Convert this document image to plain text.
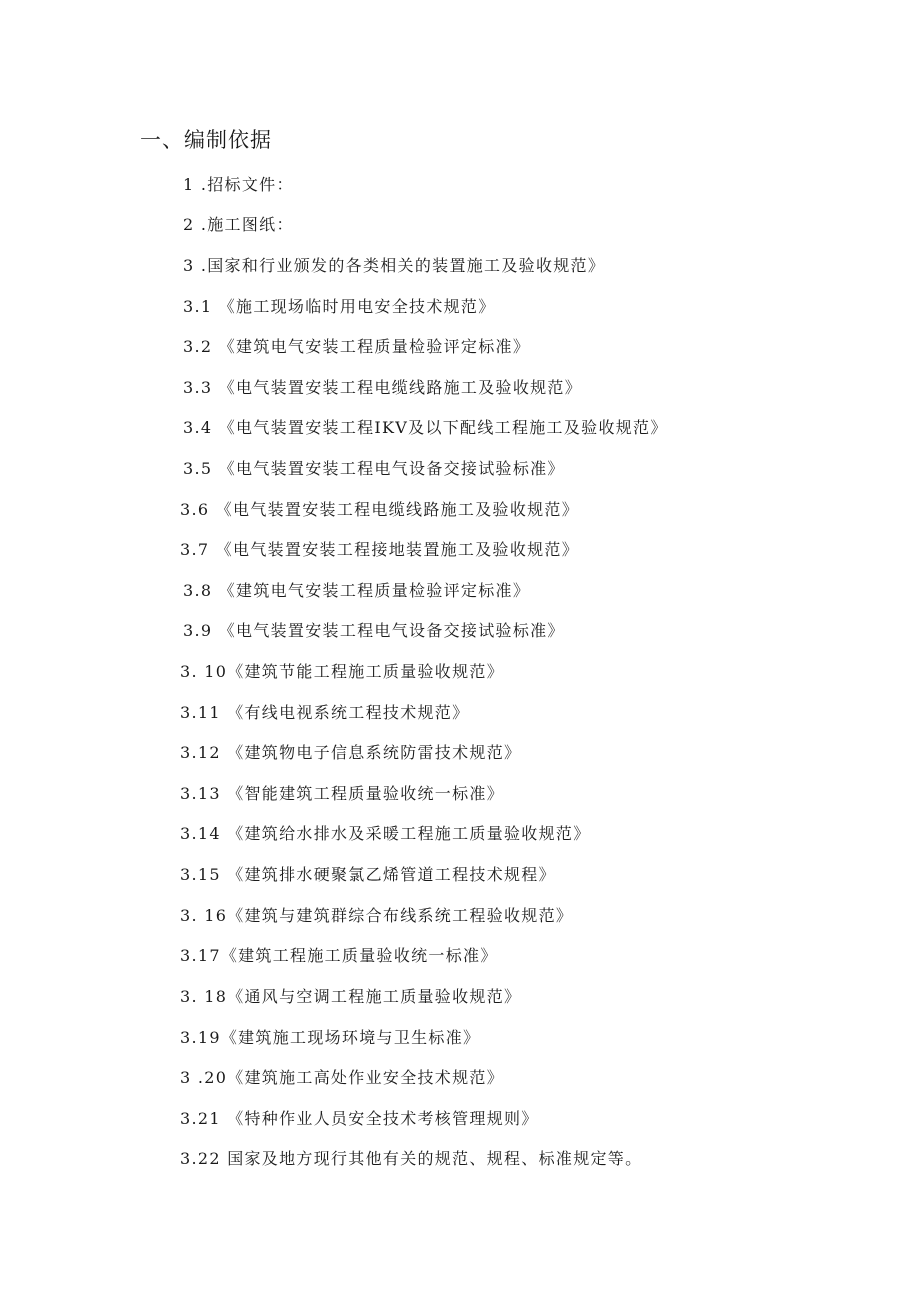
一、编制依据
1 .招标文件：
2 .施工图纸：
3 .国家和行业颁发的各类相关的装置施工及验收规范》
3.1 《施工现场临时用电安全技术规范》
3.2 《建筑电气安装工程质量检验评定标准》
3.3 《电气装置安装工程电缆线路施工及验收规范》
3.4 《电气装置安装工程IKV及以下配线工程施工及验收规范》
3.5 《电气装置安装工程电气设备交接试验标准》
3.6 《电气装置安装工程电缆线路施工及验收规范》
3.7 《电气装置安装工程接地装置施工及验收规范》
3.8 《建筑电气安装工程质量检验评定标准》
3.9 《电气装置安装工程电气设备交接试验标准》
3. 10《建筑节能工程施工质量验收规范》
3.11 《有线电视系统工程技术规范》
3.12 《建筑物电子信息系统防雷技术规范》
3.13 《智能建筑工程质量验收统一标准》
3.14 《建筑给水排水及采暖工程施工质量验收规范》
3.15 《建筑排水硬聚氯乙烯管道工程技术规程》
3. 16《建筑与建筑群综合布线系统工程验收规范》
3.17《建筑工程施工质量验收统一标准》
3. 18《通风与空调工程施工质量验收规范》
3.19《建筑施工现场环境与卫生标准》
3 .20《建筑施工高处作业安全技术规范》
3.21 《特种作业人员安全技术考核管理规则》
3.22 国家及地方现行其他有关的规范、规程、标准规定等。
